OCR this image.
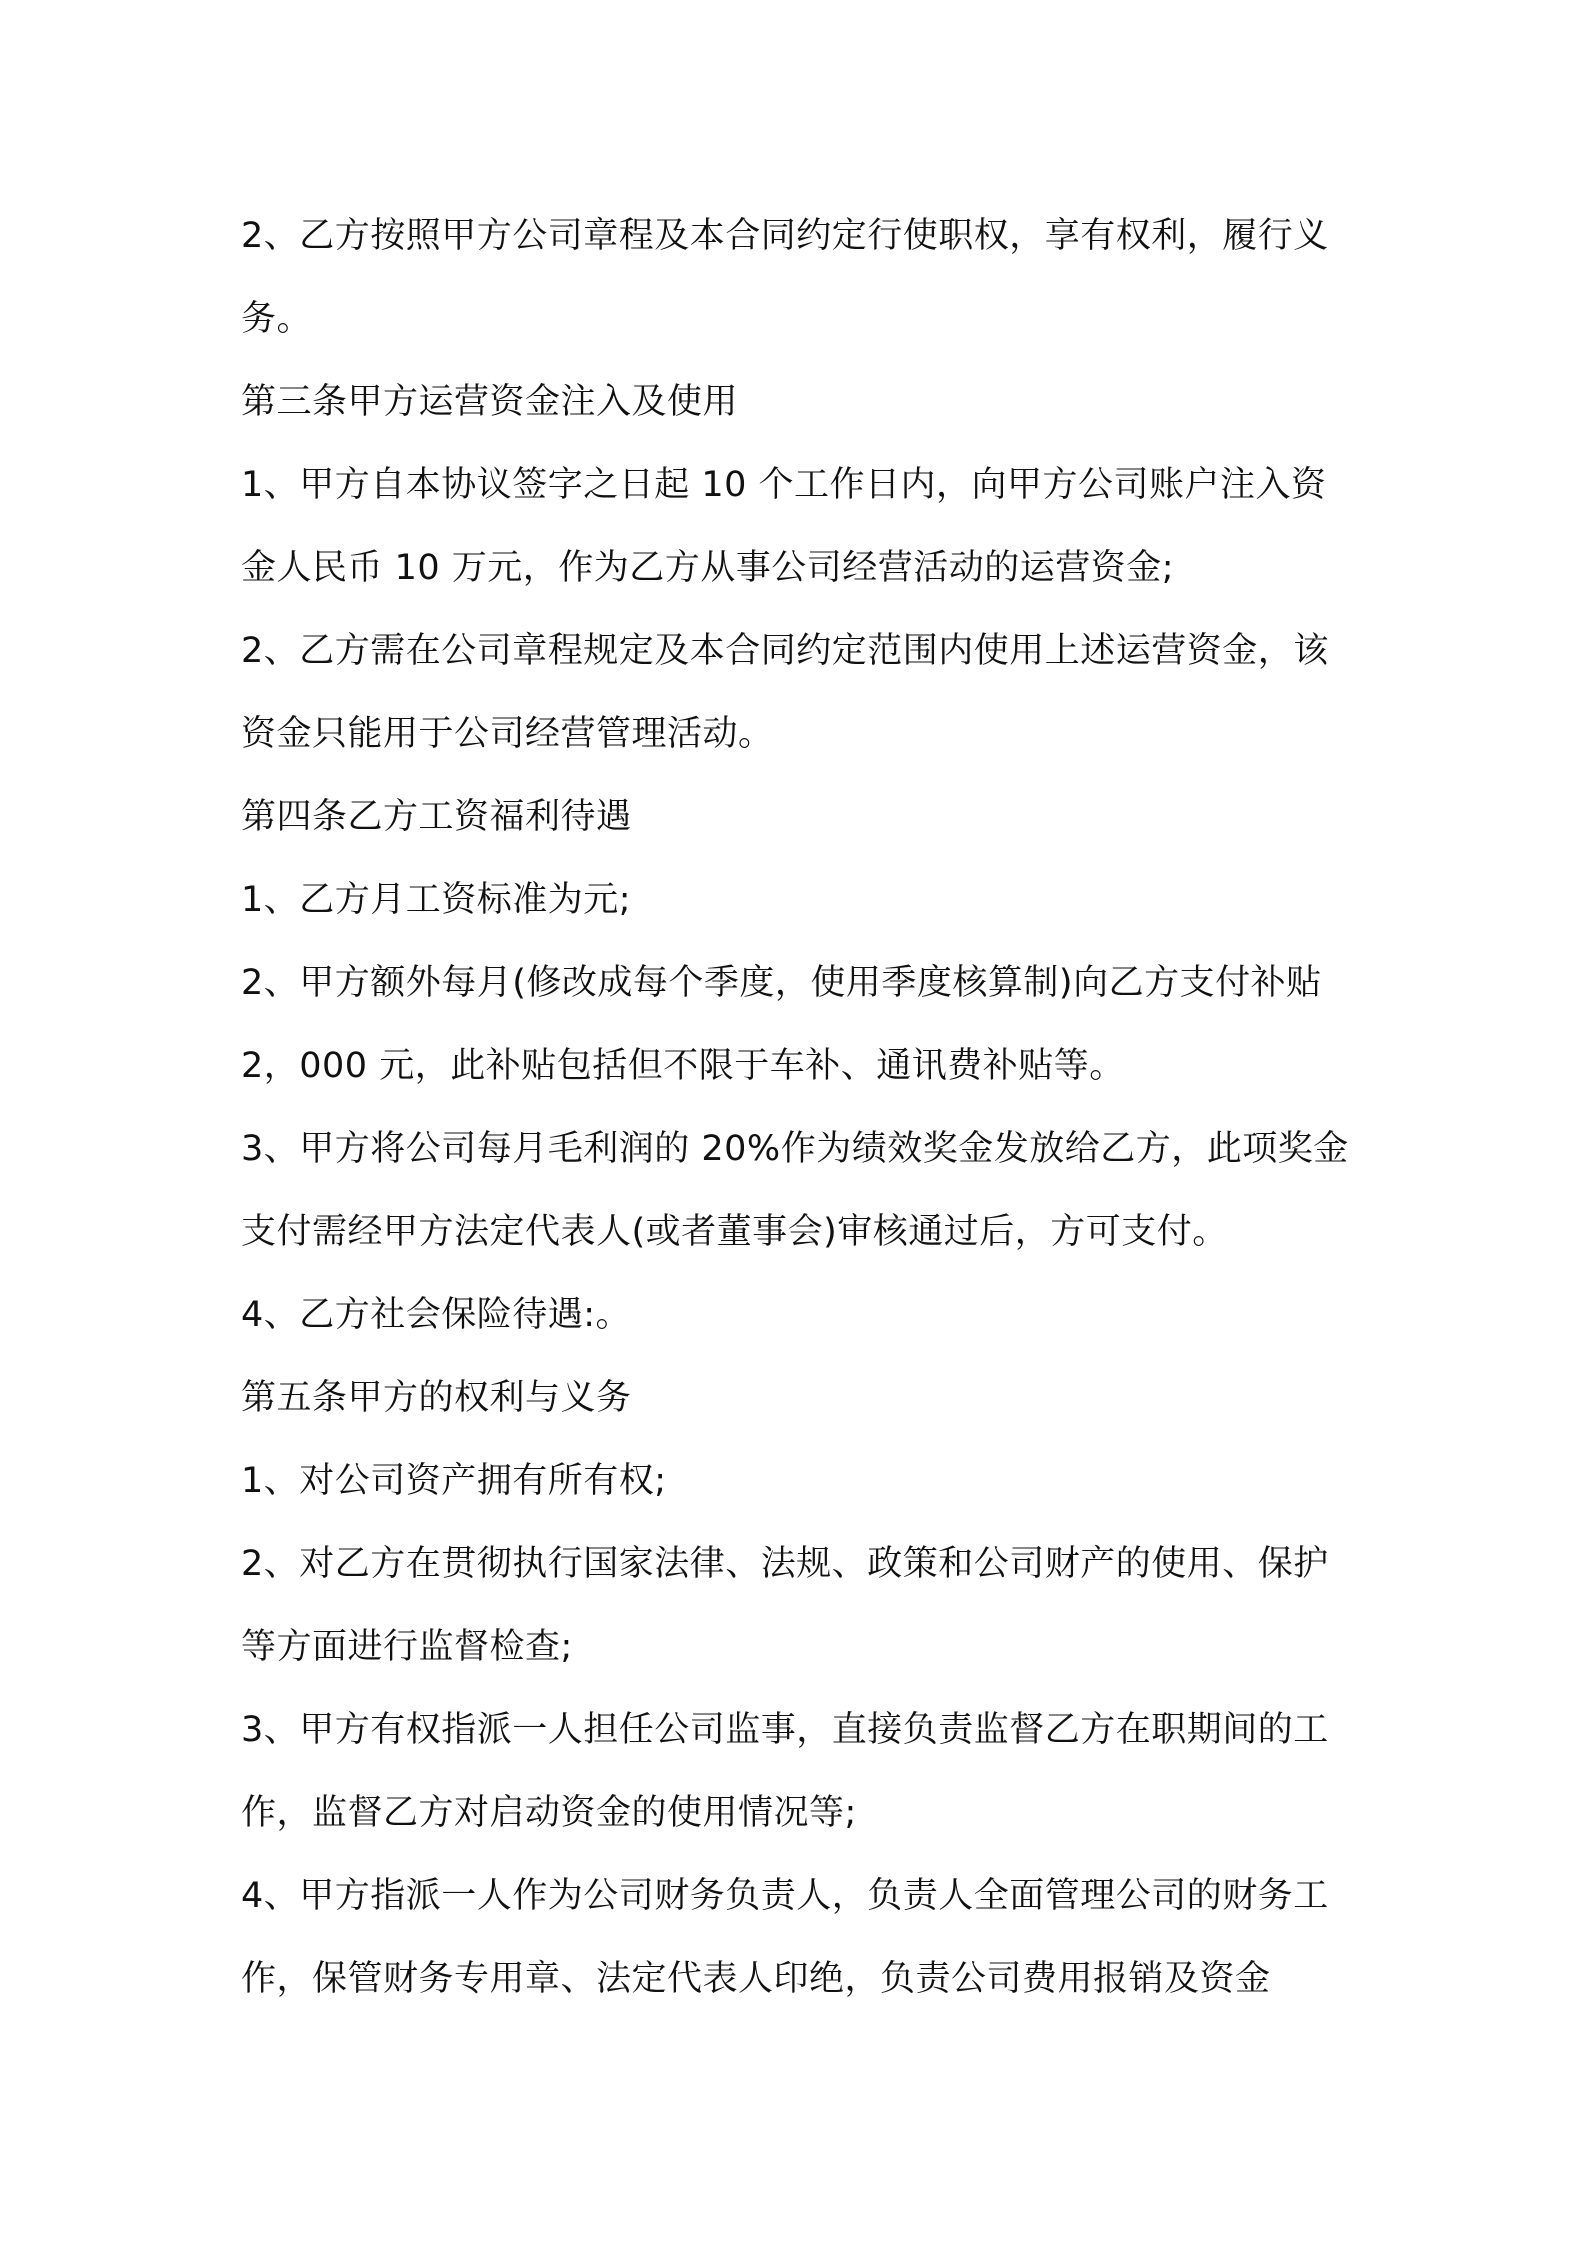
2、乙方按照甲方公司章程及本合同约定行使职权，享有权利，履行义务。

第三条甲方运营资金注入及使用

1、甲方自本协议签字之日起 10 个工作日内，向甲方公司账户注入资金人民币 10 万元，作为乙方从事公司经营活动的运营资金;

2、乙方需在公司章程规定及本合同约定范围内使用上述运营资金，该资金只能用于公司经营管理活动。

第四条乙方工资福利待遇

1、乙方月工资标准为元;

2、甲方额外每月(修改成每个季度，使用季度核算制)向乙方支付补贴 2，000 元，此补贴包括但不限于车补、通讯费补贴等。

3、甲方将公司每月毛利润的 20%作为绩效奖金发放给乙方，此项奖金支付需经甲方法定代表人(或者董事会)审核通过后，方可支付。

4、乙方社会保险待遇:。

第五条甲方的权利与义务

1、对公司资产拥有所有权;

2、对乙方在贯彻执行国家法律、法规、政策和公司财产的使用、保护等方面进行监督检查;

3、甲方有权指派一人担任公司监事，直接负责监督乙方在职期间的工作，监督乙方对启动资金的使用情况等;

4、甲方指派一人作为公司财务负责人，负责人全面管理公司的财务工作，保管财务专用章、法定代表人印绝，负责公司费用报销及资金
